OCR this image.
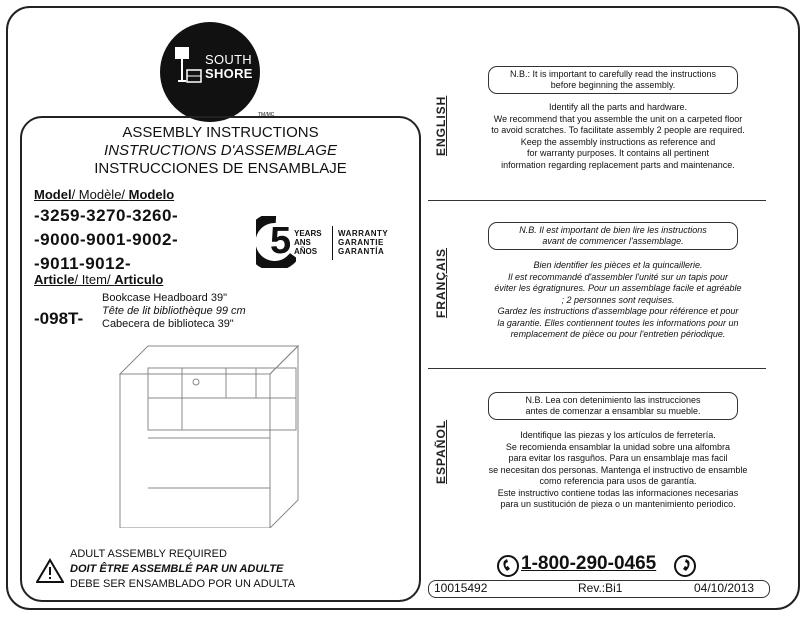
SOUTH
SHORE
TM/MC
ASSEMBLY INSTRUCTIONS
INSTRUCTIONS D'ASSEMBLAGE
INSTRUCCIONES DE ENSAMBLAJE
Model/ Modèle/ Modelo
-3259-3270-3260-
-9000-9001-9002-
-9011-9012-
5 YEARS
ANS
AÑOS
WARRANTY
GARANTIE
GARANTÍA
Article/ Item/ Articulo
-098T-
Bookcase Headboard 39"
Tête de lit bibliothèque 99 cm
Cabecera de biblioteca 39"
ADULT ASSEMBLY REQUIRED
DOIT ÊTRE ASSEMBLÉ PAR UN ADULTE
DEBE SER ENSAMBLADO POR UN ADULTA
ENGLISH
N.B.: It is important to carefully read the instructions
before beginning the assembly.
Identify all the parts and hardware.
We recommend that you assemble the unit on a carpeted floor
to avoid scratches. To facilitate assembly 2 people are required.
Keep the assembly instructions as reference and
for warranty purposes. It contains all pertinent
information regarding replacement parts and maintenance.
FRANÇAIS
N.B. Il est important de bien lire les instructions
avant de commencer l'assemblage.
Bien identifier les pièces et la quincaillerie.
Il est recommandé d'assembler l'unité sur un tapis pour
éviter les égratignures. Pour un assemblage facile et agréable
; 2 personnes sont requises.
Gardez les instructions d'assemblage pour référence et pour
la garantie. Elles contiennent toutes les informations pour un
remplacement de pièce ou pour l'entretien périodique.
ESPAÑOL
N.B. Lea con detenimiento las instrucciones
antes de comenzar a ensamblar su mueble.
Identifique las piezas y los artículos de ferretería.
Se recomienda ensamblar la unidad sobre una alfombra
para evitar los rasguños. Para un ensamblaje mas facil
se necesitan dos personas. Mantenga el instructivo de ensamble
como referencia para usos de garantía.
Este instructivo contiene todas las informaciones necesarias
para un sustitución de pieza o un mantenimiento periodico.
1-800-290-0465
10015492	Rev.:Bi1	04/10/2013
